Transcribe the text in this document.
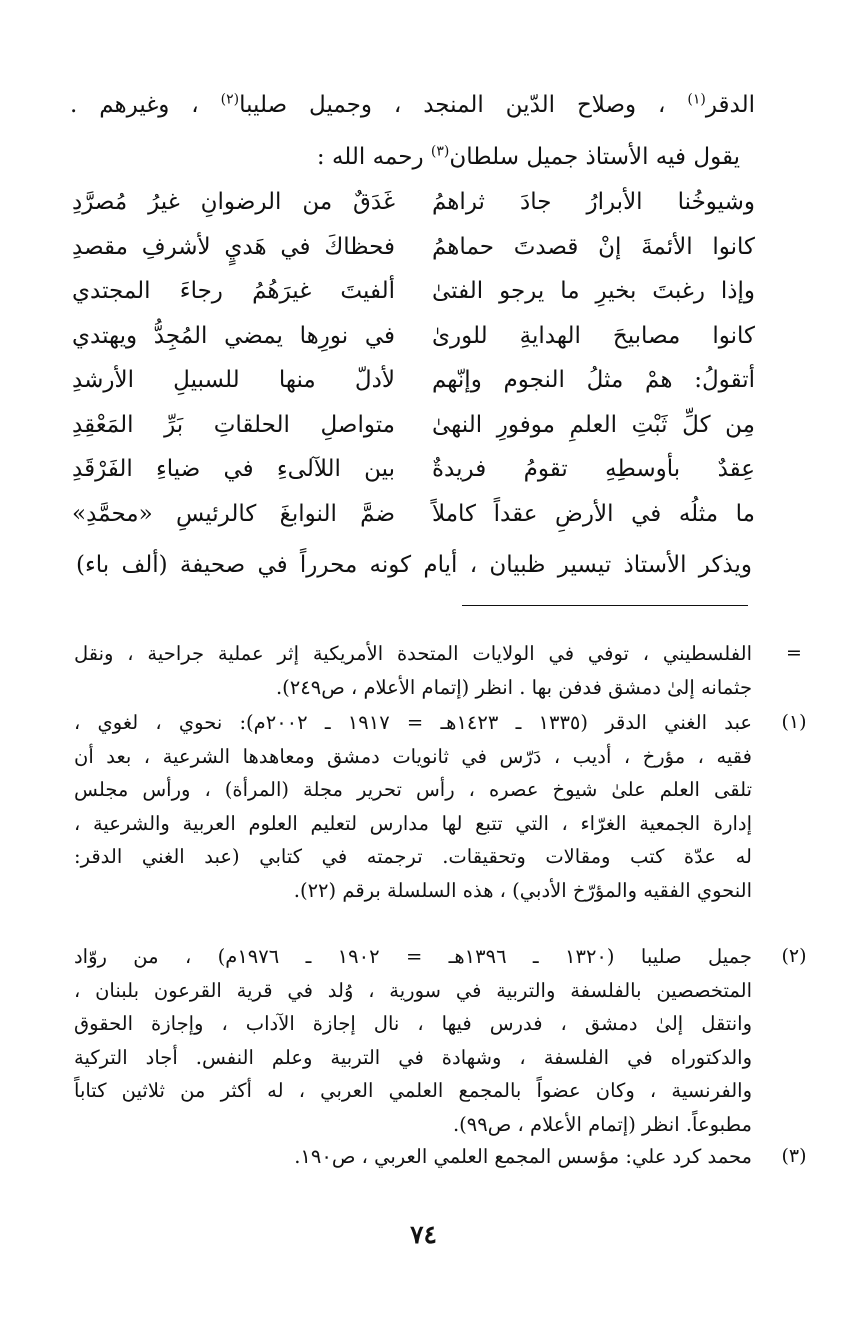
الدقر$^{(١)}$ ، وصلاح الدّين المنجد ، وجميل صليبا$^{(٢)}$ ، وغيرهم .
يقول فيه الأستاذ جميل سلطان$^{(٣)}$ رحمه الله :
وشيوخُنا الأبرارُ جادَ ثراهمُ
غَدَقٌ من الرضوانِ غيرُ مُصرَّدِ
كانوا الأئمةَ إنْ قصدتَ حماهمُ
فحظاكَ في هَديٍ لأشرفِ مقصدِ
وإذا رغبتَ بخيرِ ما يرجو الفتىٰ
ألفيتَ غيرَهُمُ رجاءَ المجتدي
كانوا مصابيحَ الهدايةِ للورىٰ
في نورِها يمضي المُجِدُّ ويهتدي
أتقولُ: همْ مثلُ النجوم وإنّهم
لأدلّ منها للسبيلِ الأرشدِ
مِن كلِّ ثَبْتِ العلمِ موفورِ النهىٰ
متواصلِ الحلقاتِ بَرِّ المَعْقِدِ
عِقدٌ بأوسطِهِ تقومُ فريدةٌ
بين اللآلىءِ في ضياءِ الفَرْقَدِ
ما مثلُه في الأرضِ عقداً كاملاً
ضمَّ النوابغَ كالرئيسِ «محمَّدِ»
ويذكر الأستاذ تيسير ظبيان ، أيام كونه محرراً في صحيفة (ألف باء)
=
الفلسطيني ، توفي في الولايات المتحدة الأمريكية إثر عملية جراحية ، ونقل
جثمانه إلىٰ دمشق فدفن بها . انظر (إتمام الأعلام ، ص٢٤٩).
(١)
عبد الغني الدقر (١٣٣٥ ـ ١٤٢٣هـ = ١٩١٧ ـ ٢٠٠٢م): نحوي ، لغوي ،
فقيه ، مؤرخ ، أديب ، دَرّس في ثانويات دمشق ومعاهدها الشرعية ، بعد أن
تلقى العلم علىٰ شيوخ عصره ، رأس تحرير مجلة (المرأة) ، ورأس مجلس
إدارة الجمعية الغرّاء ، التي تتبع لها مدارس لتعليم العلوم العربية والشرعية ،
له عدّة كتب ومقالات وتحقيقات. ترجمته في كتابي (عبد الغني الدقر:
النحوي الفقيه والمؤرّخ الأدبي) ، هذه السلسلة برقم (٢٢).
(٢)
جميل صليبا (١٣٢٠ ـ ١٣٩٦هـ = ١٩٠٢ ـ ١٩٧٦م) ، من روّاد
المتخصصين بالفلسفة والتربية في سورية ، وُلد في قرية القرعون بلبنان ،
وانتقل إلىٰ دمشق ، فدرس فيها ، نال إجازة الآداب ، وإجازة الحقوق
والدكتوراه في الفلسفة ، وشهادة في التربية وعلم النفس. أجاد التركية
والفرنسية ، وكان عضواً بالمجمع العلمي العربي ، له أكثر من ثلاثين كتاباً
مطبوعاً. انظر (إتمام الأعلام ، ص٩٩).
(٣)
محمد كرد علي: مؤسس المجمع العلمي العربي ، ص١٩٠.
٧٤
